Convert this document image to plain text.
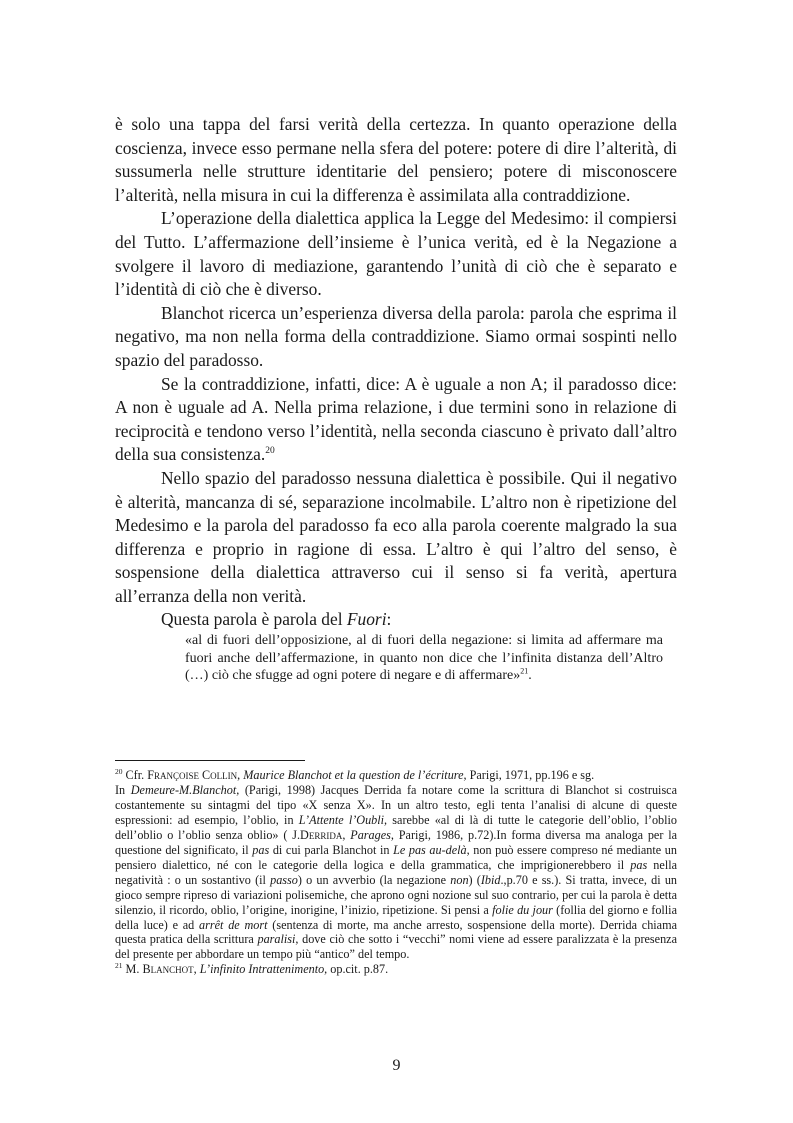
è solo una tappa del farsi verità della certezza. In quanto operazione della coscienza, invece esso permane nella sfera del potere: potere di dire l’alterità, di sussumerla nelle strutture identitarie del pensiero; potere di misconoscere l’alterità, nella misura in cui la differenza è assimilata alla contraddizione.

L’operazione della dialettica applica la Legge del Medesimo: il compiersi del Tutto. L’affermazione dell’insieme è l’unica verità, ed è la Negazione a svolgere il lavoro di mediazione, garantendo l’unità di ciò che è separato e l’identità di ciò che è diverso.

Blanchot ricerca un’esperienza diversa della parola: parola che esprima il negativo, ma non nella forma della contraddizione. Siamo ormai sospinti nello spazio del paradosso.

Se la contraddizione, infatti, dice: A è uguale a non A; il paradosso dice: A non è uguale ad A. Nella prima relazione, i due termini sono in relazione di reciprocità e tendono verso l’identità, nella seconda ciascuno è privato dall’altro della sua consistenza.$^{20}$

Nello spazio del paradosso nessuna dialettica è possibile. Qui il negativo è alterità, mancanza di sé, separazione incolmabile. L’altro non è ripetizione del Medesimo e la parola del paradosso fa eco alla parola coerente malgrado la sua differenza e proprio in ragione di essa. L’altro è qui l’altro del senso, è sospensione della dialettica attraverso cui il senso si fa verità, apertura all’erranza della non verità.

Questa parola è parola del Fuori:

«al di fuori dell’opposizione, al di fuori della negazione: si limita ad affermare ma fuori anche dell’affermazione, in quanto non dice che l’infinita distanza dell’Altro (…) ciò che sfugge ad ogni potere di negare e di affermare»$^{21}$.

$^{20}$ Cfr. Françoise Collin, Maurice Blanchot et la question de l’écriture, Parigi, 1971, pp.196 e sg.

In Demeure-M.Blanchot, (Parigi, 1998) Jacques Derrida fa notare come la scrittura di Blanchot si costruisca costantemente su sintagmi del tipo «X senza X». In un altro testo, egli tenta l’analisi di alcune di queste espressioni: ad esempio, l’oblio, in L’Attente l’Oubli, sarebbe «al di là di tutte le categorie dell’oblio, l’oblio dell’oblio o l’oblio senza oblio» ( J.Derrida, Parages, Parigi, 1986, p.72).In forma diversa ma analoga per la questione del significato, il pas di cui parla Blanchot in Le pas au-delà, non può essere compreso né mediante un pensiero dialettico, né con le categorie della logica e della grammatica, che imprigionerebbero il pas nella negatività : o un sostantivo (il passo) o un avverbio (la negazione non) (Ibid.,p.70 e ss.). Si tratta, invece, di un gioco sempre ripreso di variazioni polisemiche, che aprono ogni nozione sul suo contrario, per cui la parola è detta silenzio, il ricordo, oblio, l’origine, inorigine, l’inizio, ripetizione. Si pensi a folie du jour (follia del giorno e follia della luce) e ad arrêt de mort (sentenza di morte, ma anche arresto, sospensione della morte). Derrida chiama questa pratica della scrittura paralisi, dove ciò che sotto i “vecchi” nomi viene ad essere paralizzata è la presenza del presente per abbordare un tempo più “antico” del tempo.

$^{21}$ M. Blanchot, L’infinito Intrattenimento, op.cit. p.87.

9
